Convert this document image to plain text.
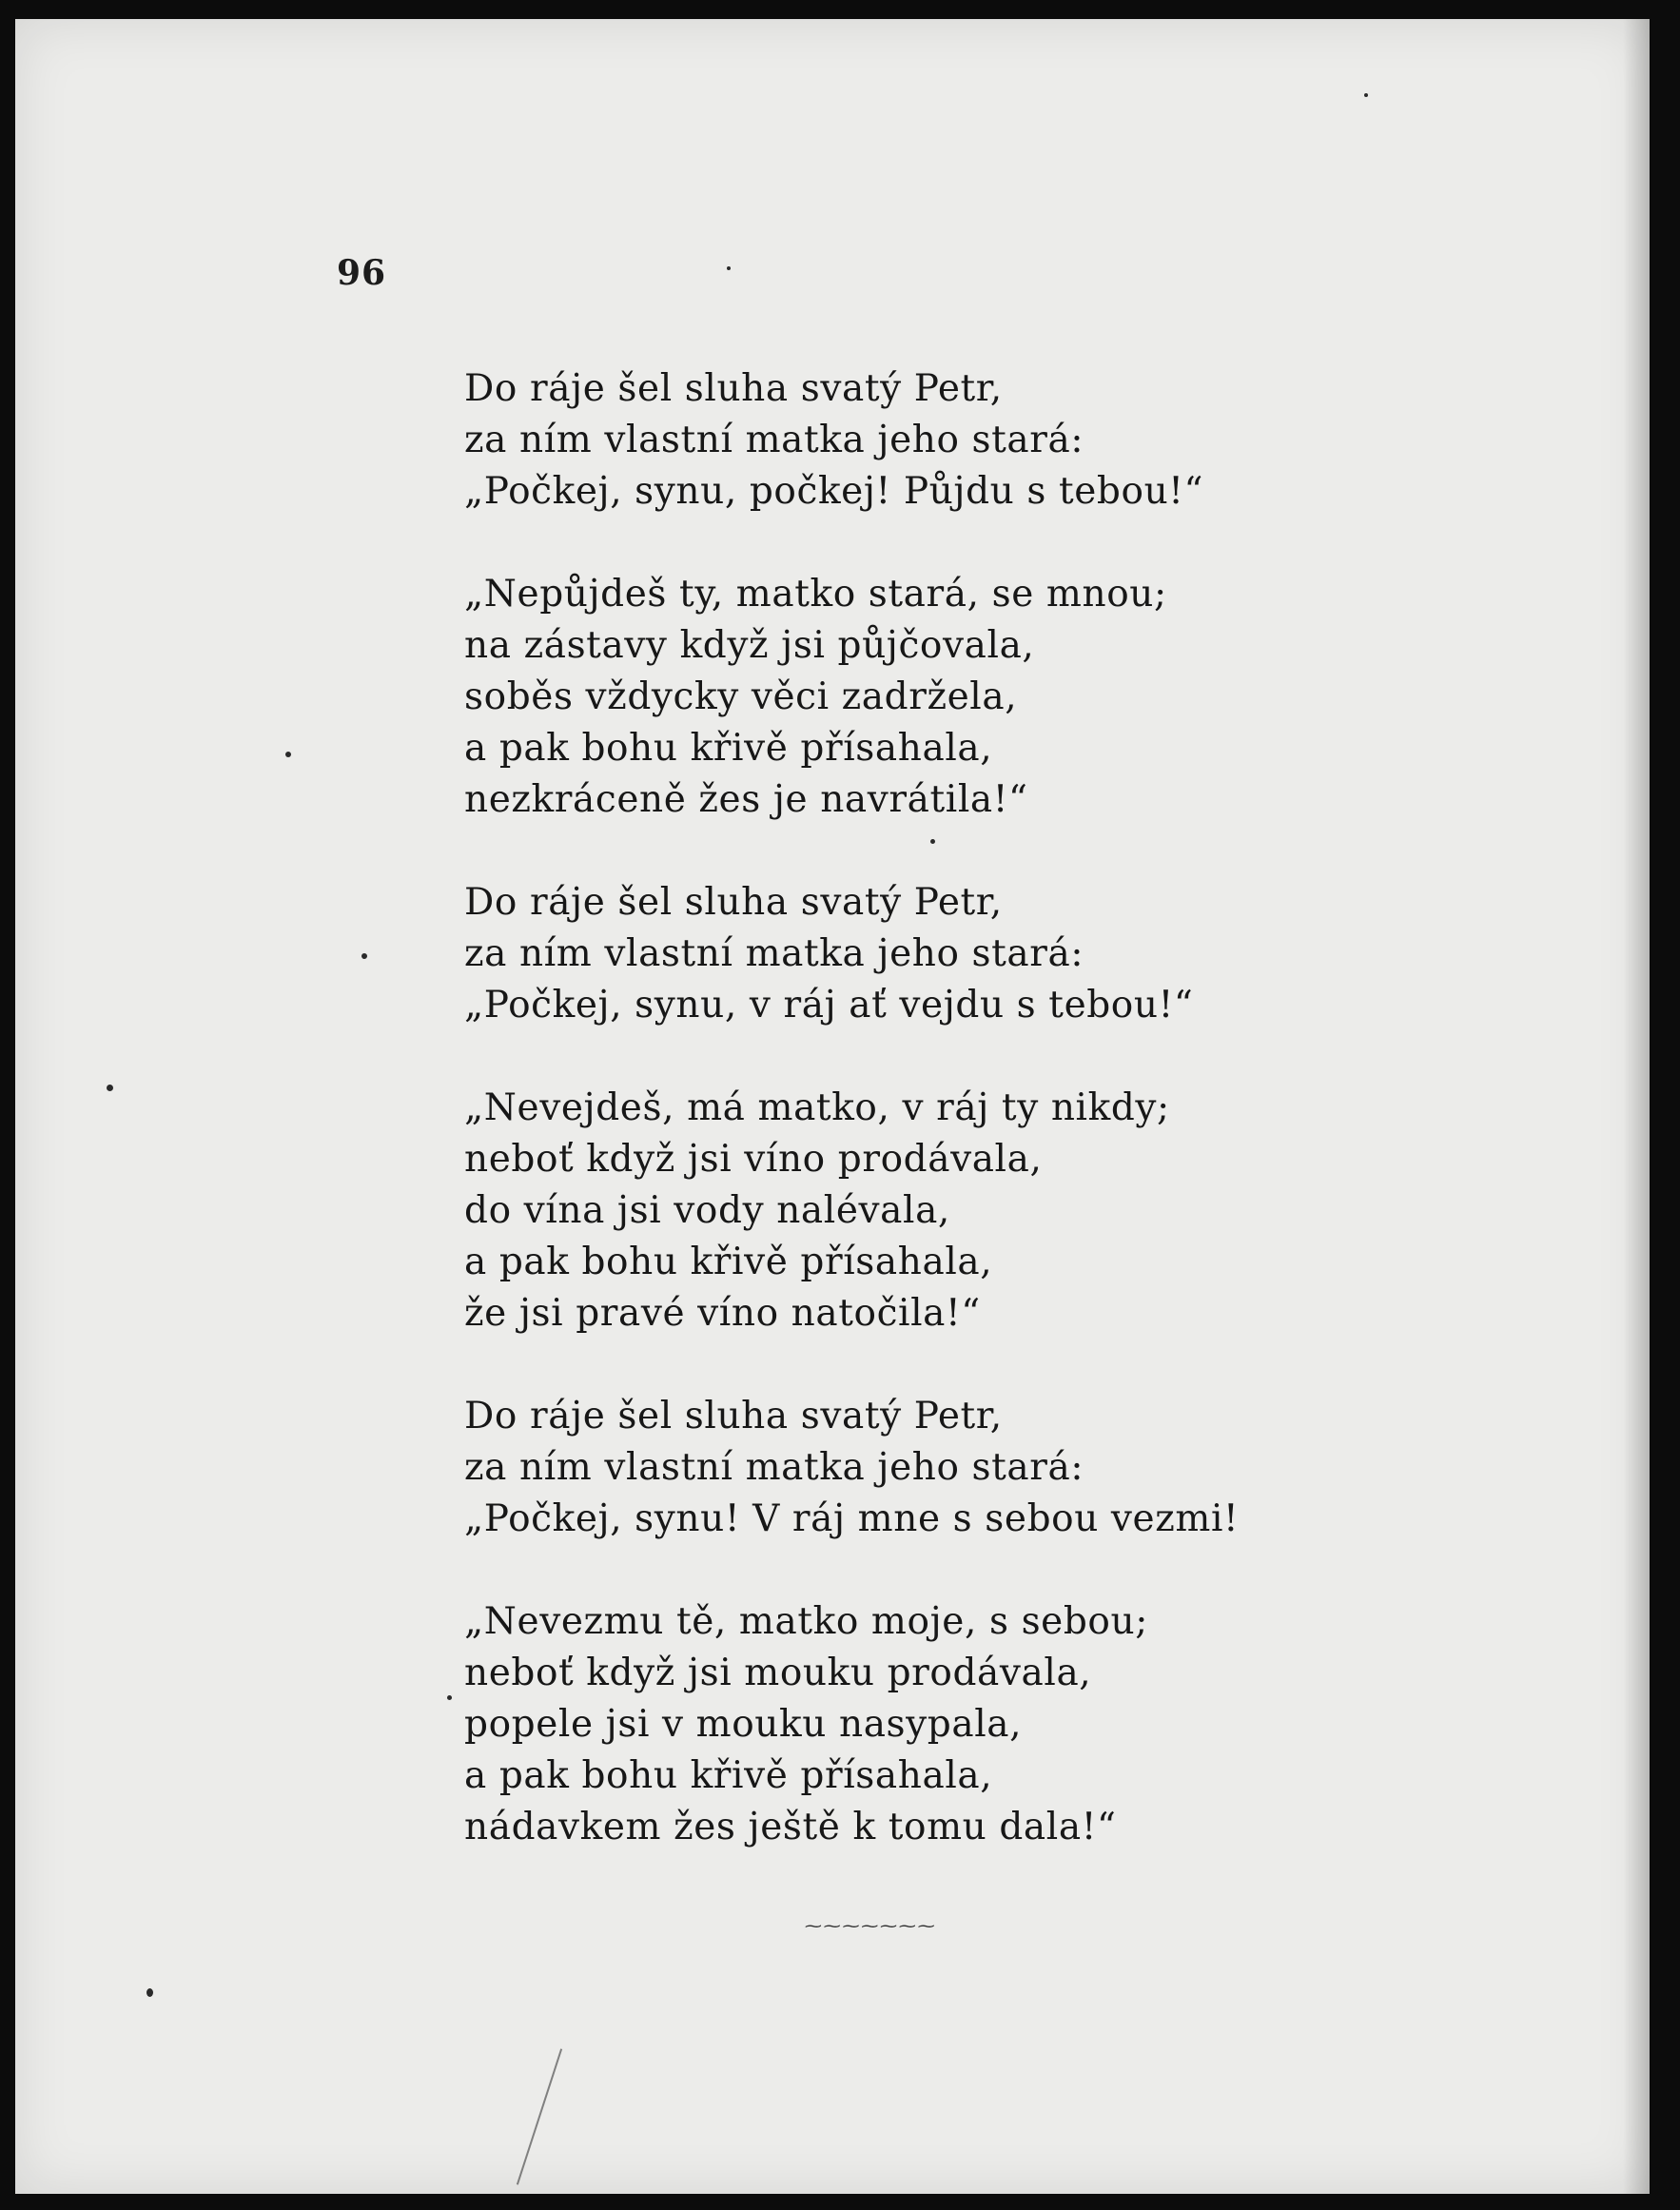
96
Do ráje šel sluha svatý Petr,
za ním vlastní matka jeho stará:
„Počkej, synu, počkej! Půjdu s tebou!“
„Nepůjdeš ty, matko stará, se mnou;
na zástavy když jsi půjčovala,
soběs vždycky věci zadržela,
a pak bohu křivě přísahala,
nezkráceně žes je navrátila!“
Do ráje šel sluha svatý Petr,
za ním vlastní matka jeho stará:
„Počkej, synu, v ráj ať vejdu s tebou!“
„Nevejdeš, má matko, v ráj ty nikdy;
neboť když jsi víno prodávala,
do vína jsi vody nalévala,
a pak bohu křivě přísahala,
že jsi pravé víno natočila!“
Do ráje šel sluha svatý Petr,
za ním vlastní matka jeho stará:
„Počkej, synu! V ráj mne s sebou vezmi!
„Nevezmu tě, matko moje, s sebou;
neboť když jsi mouku prodávala,
popele jsi v mouku nasypala,
a pak bohu křivě přísahala,
nádavkem žes ještě k tomu dala!“
~~~~~~~
